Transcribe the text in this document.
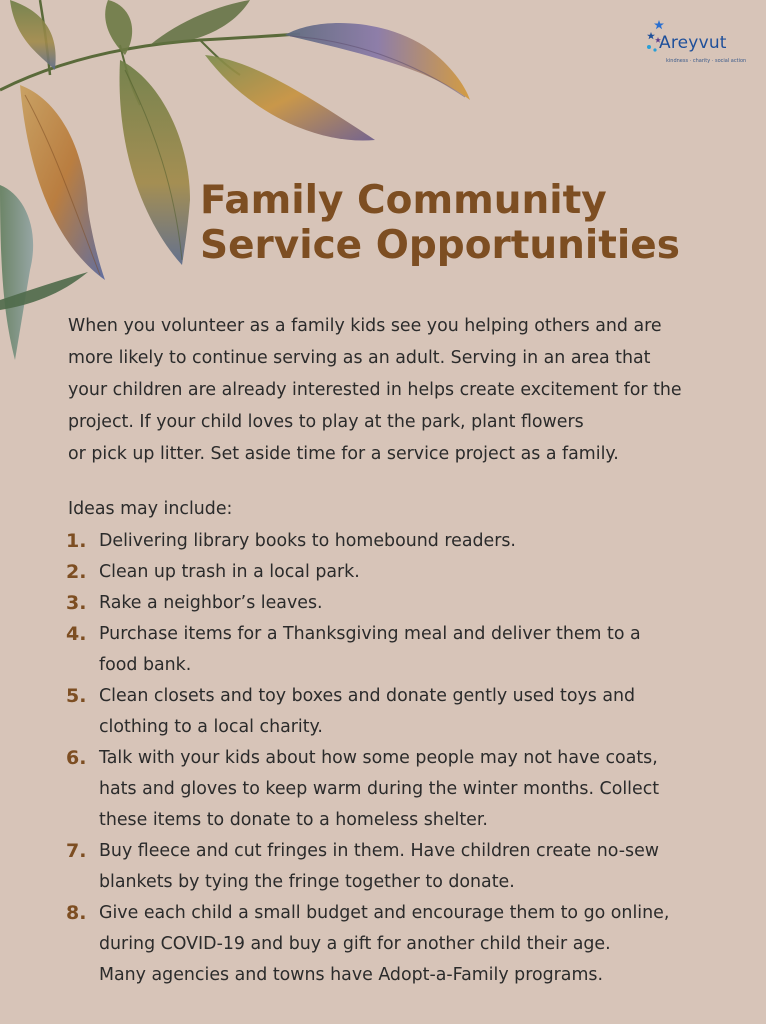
Areyvut
kindness · charity · social action
Family Community
Service Opportunities

When you volunteer as a family kids see you helping others and are
more likely to continue serving as an adult. Serving in an area that
your children are already interested in helps create excitement for the
project. If your child loves to play at the park, plant flowers
or pick up litter. Set aside time for a service project as a family.

Ideas may include:

1. Delivering library books to homebound readers.
2. Clean up trash in a local park.
3. Rake a neighbor’s leaves.
4. Purchase items for a Thanksgiving meal and deliver them to a
food bank.
5. Clean closets and toy boxes and donate gently used toys and
clothing to a local charity.
6. Talk with your kids about how some people may not have coats,
hats and gloves to keep warm during the winter months. Collect
these items to donate to a homeless shelter.
7. Buy fleece and cut fringes in them. Have children create no-sew
blankets by tying the fringe together to donate.
8. Give each child a small budget and encourage them to go online,
during COVID-19 and buy a gift for another child their age.
Many agencies and towns have Adopt-a-Family programs.
